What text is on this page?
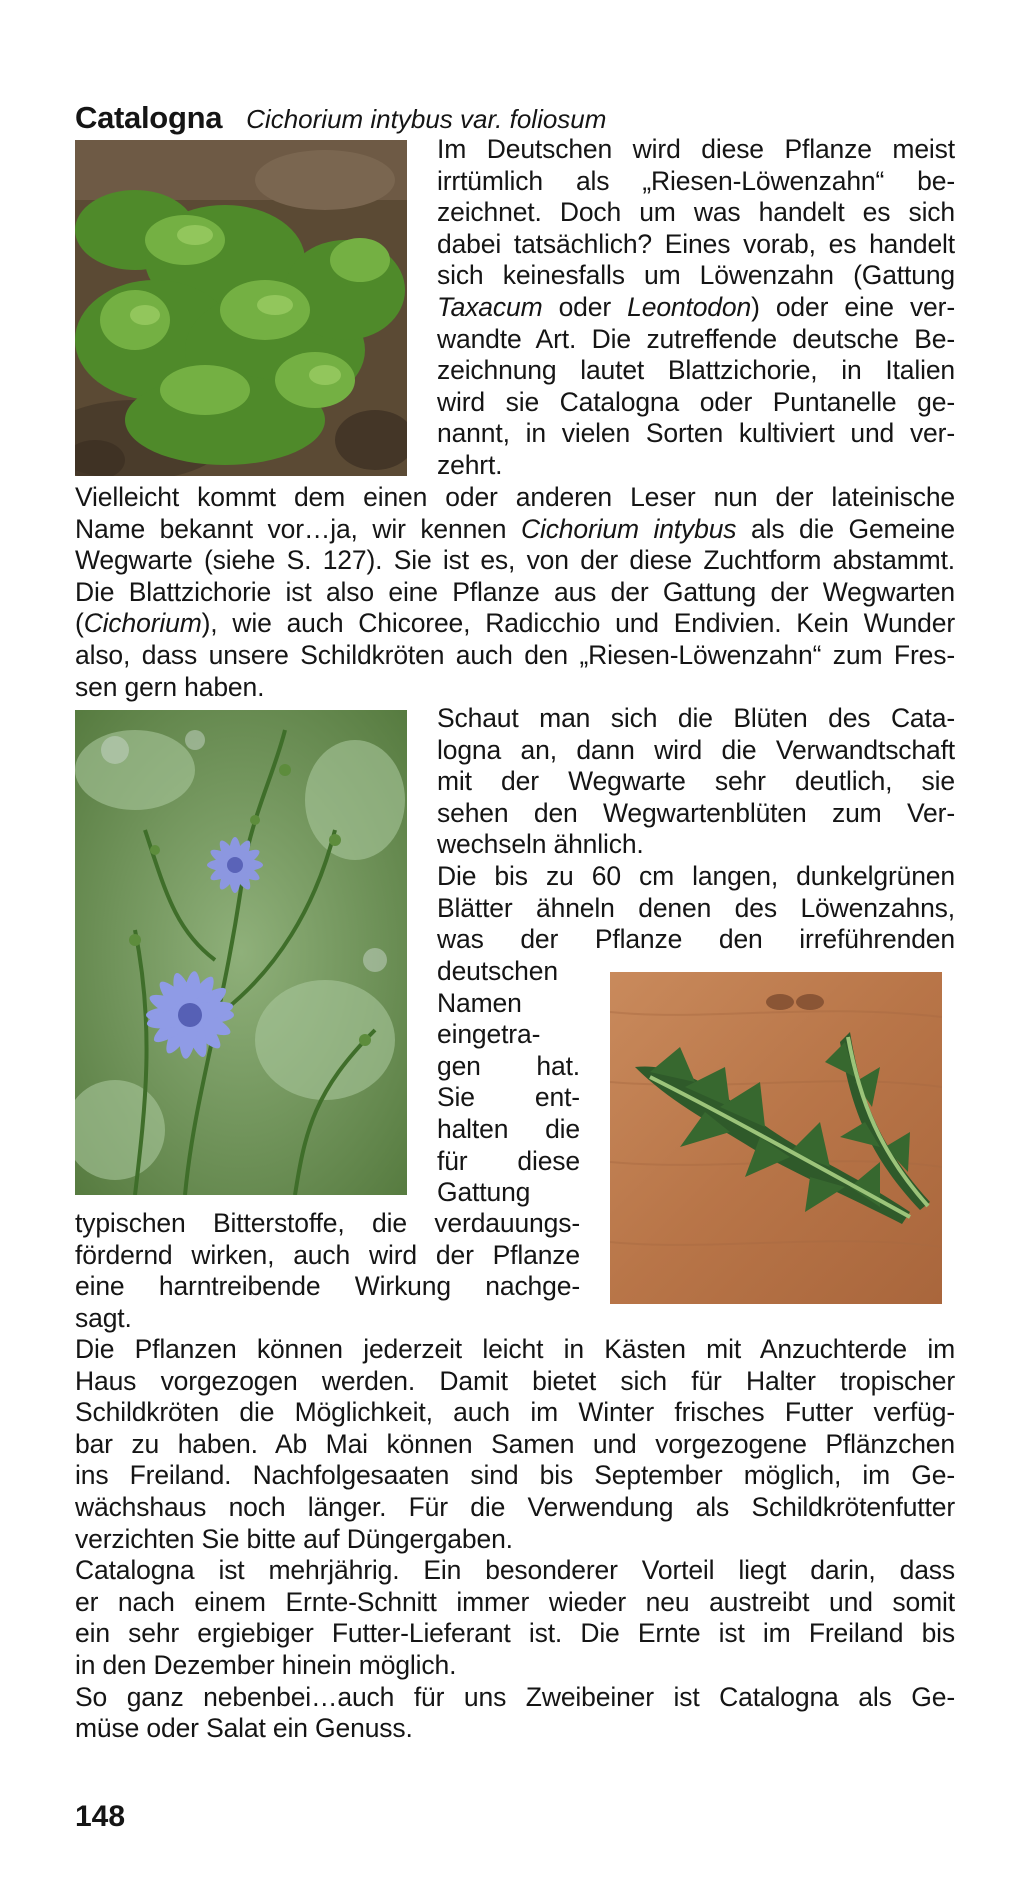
Catalogna Cichorium intybus var. foliosum
Im Deutschen wird diese Pflanze meist
irrtümlich als „Riesen-Löwenzahn“ be-
zeichnet. Doch um was handelt es sich
dabei tatsächlich? Eines vorab, es handelt
sich keinesfalls um Löwenzahn (Gattung
Taxacum oder Leontodon) oder eine ver-
wandte Art. Die zutreffende deutsche Be-
zeichnung lautet Blattzichorie, in Italien
wird sie Catalogna oder Puntanelle ge-
nannt, in vielen Sorten kultiviert und ver-
zehrt.
Vielleicht kommt dem einen oder anderen Leser nun der lateinische
Name bekannt vor…ja, wir kennen Cichorium intybus als die Gemeine
Wegwarte (siehe S. 127). Sie ist es, von der diese Zuchtform abstammt.
Die Blattzichorie ist also eine Pflanze aus der Gattung der Wegwarten
(Cichorium), wie auch Chicoree, Radicchio und Endivien. Kein Wunder
also, dass unsere Schildkröten auch den „Riesen-Löwenzahn“ zum Fres-
sen gern haben.
Schaut man sich die Blüten des Cata-
logna an, dann wird die Verwandtschaft
mit der Wegwarte sehr deutlich, sie
sehen den Wegwartenblüten zum Ver-
wechseln ähnlich.
Die bis zu 60 cm langen, dunkelgrünen
Blätter ähneln denen des Löwenzahns,
was der Pflanze den irreführenden
deutschen
Namen
eingetra-
gen hat.
Sie ent-
halten die
für diese
Gattung
typischen Bitterstoffe, die verdauungs-
fördernd wirken, auch wird der Pflanze
eine harntreibende Wirkung nachge-
sagt.
Die Pflanzen können jederzeit leicht in Kästen mit Anzuchterde im
Haus vorgezogen werden. Damit bietet sich für Halter tropischer
Schildkröten die Möglichkeit, auch im Winter frisches Futter verfüg-
bar zu haben. Ab Mai können Samen und vorgezogene Pflänzchen
ins Freiland. Nachfolgesaaten sind bis September möglich, im Ge-
wächshaus noch länger. Für die Verwendung als Schildkrötenfutter
verzichten Sie bitte auf Düngergaben.
Catalogna ist mehrjährig. Ein besonderer Vorteil liegt darin, dass
er nach einem Ernte-Schnitt immer wieder neu austreibt und somit
ein sehr ergiebiger Futter-Lieferant ist. Die Ernte ist im Freiland bis
in den Dezember hinein möglich.
So ganz nebenbei…auch für uns Zweibeiner ist Catalogna als Ge-
müse oder Salat ein Genuss.
148
